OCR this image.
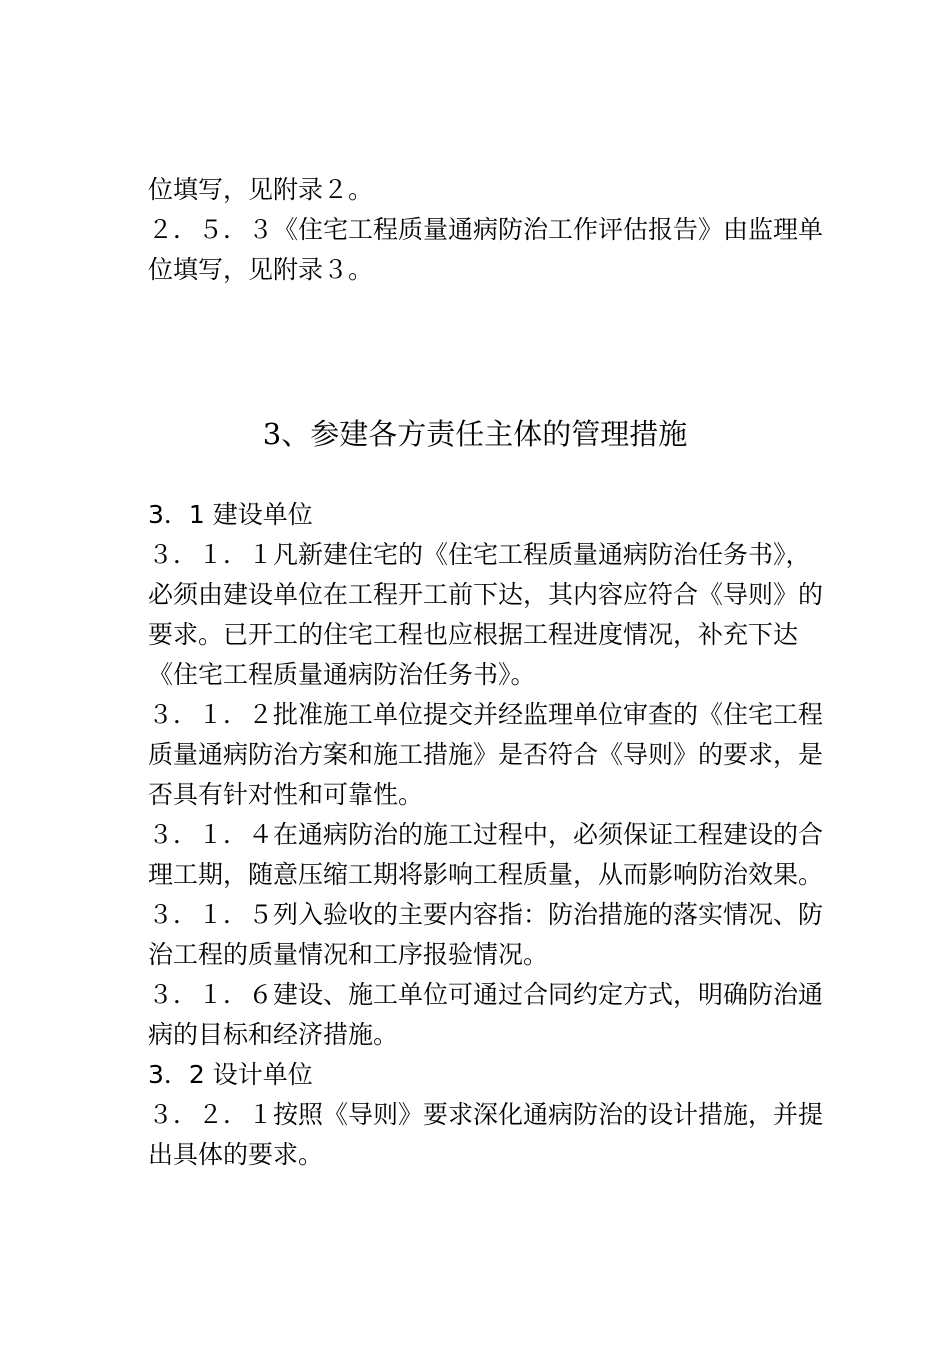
位填写，见附录２。

２．５．３《住宅工程质量通病防治工作评估报告》由监理单位填写，见附录３。

3、参建各方责任主体的管理措施

3．1 建设单位

３．１．１凡新建住宅的《住宅工程质量通病防治任务书》，必须由建设单位在工程开工前下达，其内容应符合《导则》的要求。已开工的住宅工程也应根据工程进度情况，补充下达《住宅工程质量通病防治任务书》。

３．１．２批准施工单位提交并经监理单位审查的《住宅工程质量通病防治方案和施工措施》是否符合《导则》的要求，是否具有针对性和可靠性。

３．１．４在通病防治的施工过程中，必须保证工程建设的合理工期，随意压缩工期将影响工程质量，从而影响防治效果。

３．１．５列入验收的主要内容指：防治措施的落实情况、防治工程的质量情况和工序报验情况。

３．１．６建设、施工单位可通过合同约定方式，明确防治通病的目标和经济措施。

3．2 设计单位

３．２．１按照《导则》要求深化通病防治的设计措施，并提出具体的要求。
